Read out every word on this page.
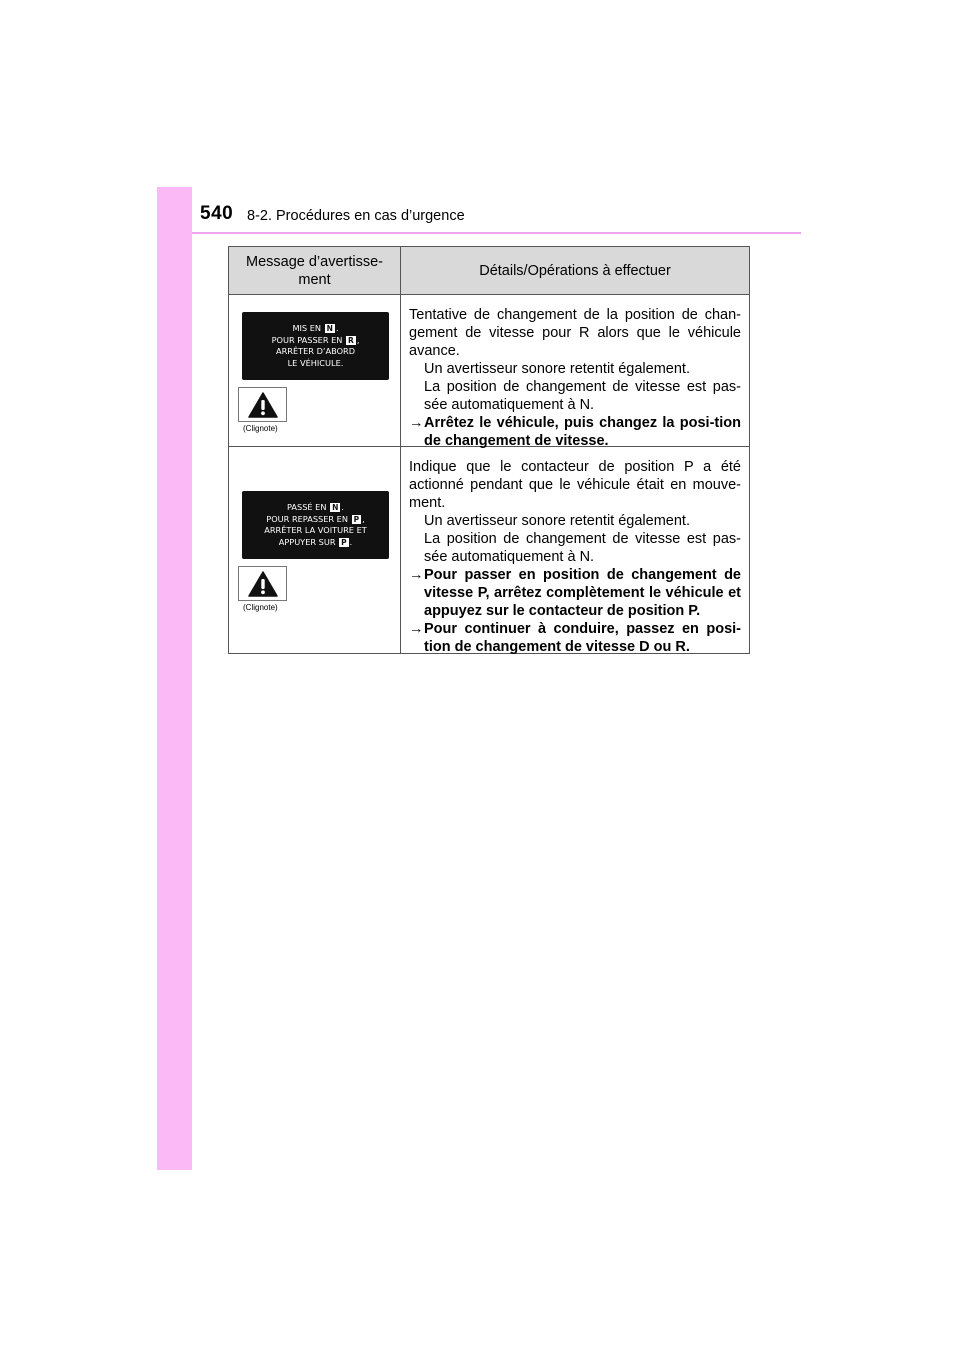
540 8-2. Procédures en cas d’urgence
Message d’avertisse-ment
Détails/Opérations à effectuer
MIS EN N .
POUR PASSER EN R ,
ARRÊTER D’ABORD
LE VÉHICULE.
(Clignote)
Tentative de changement de la position de chan-gement de vitesse pour R alors que le véhicule avance.
Un avertisseur sonore retentit également.
La position de changement de vitesse est pas-sée automatiquement à N.
→ Arrêtez le véhicule, puis changez la posi-tion de changement de vitesse.
PASSÉ EN N .
POUR REPASSER EN P ,
ARRÊTER LA VOITURE ET
APPUYER SUR P .
(Clignote)
Indique que le contacteur de position P a été actionné pendant que le véhicule était en mouve-ment.
Un avertisseur sonore retentit également.
La position de changement de vitesse est pas-sée automatiquement à N.
→ Pour passer en position de changement de vitesse P, arrêtez complètement le véhicule et appuyez sur le contacteur de position P.
→ Pour continuer à conduire, passez en posi-tion de changement de vitesse D ou R.
